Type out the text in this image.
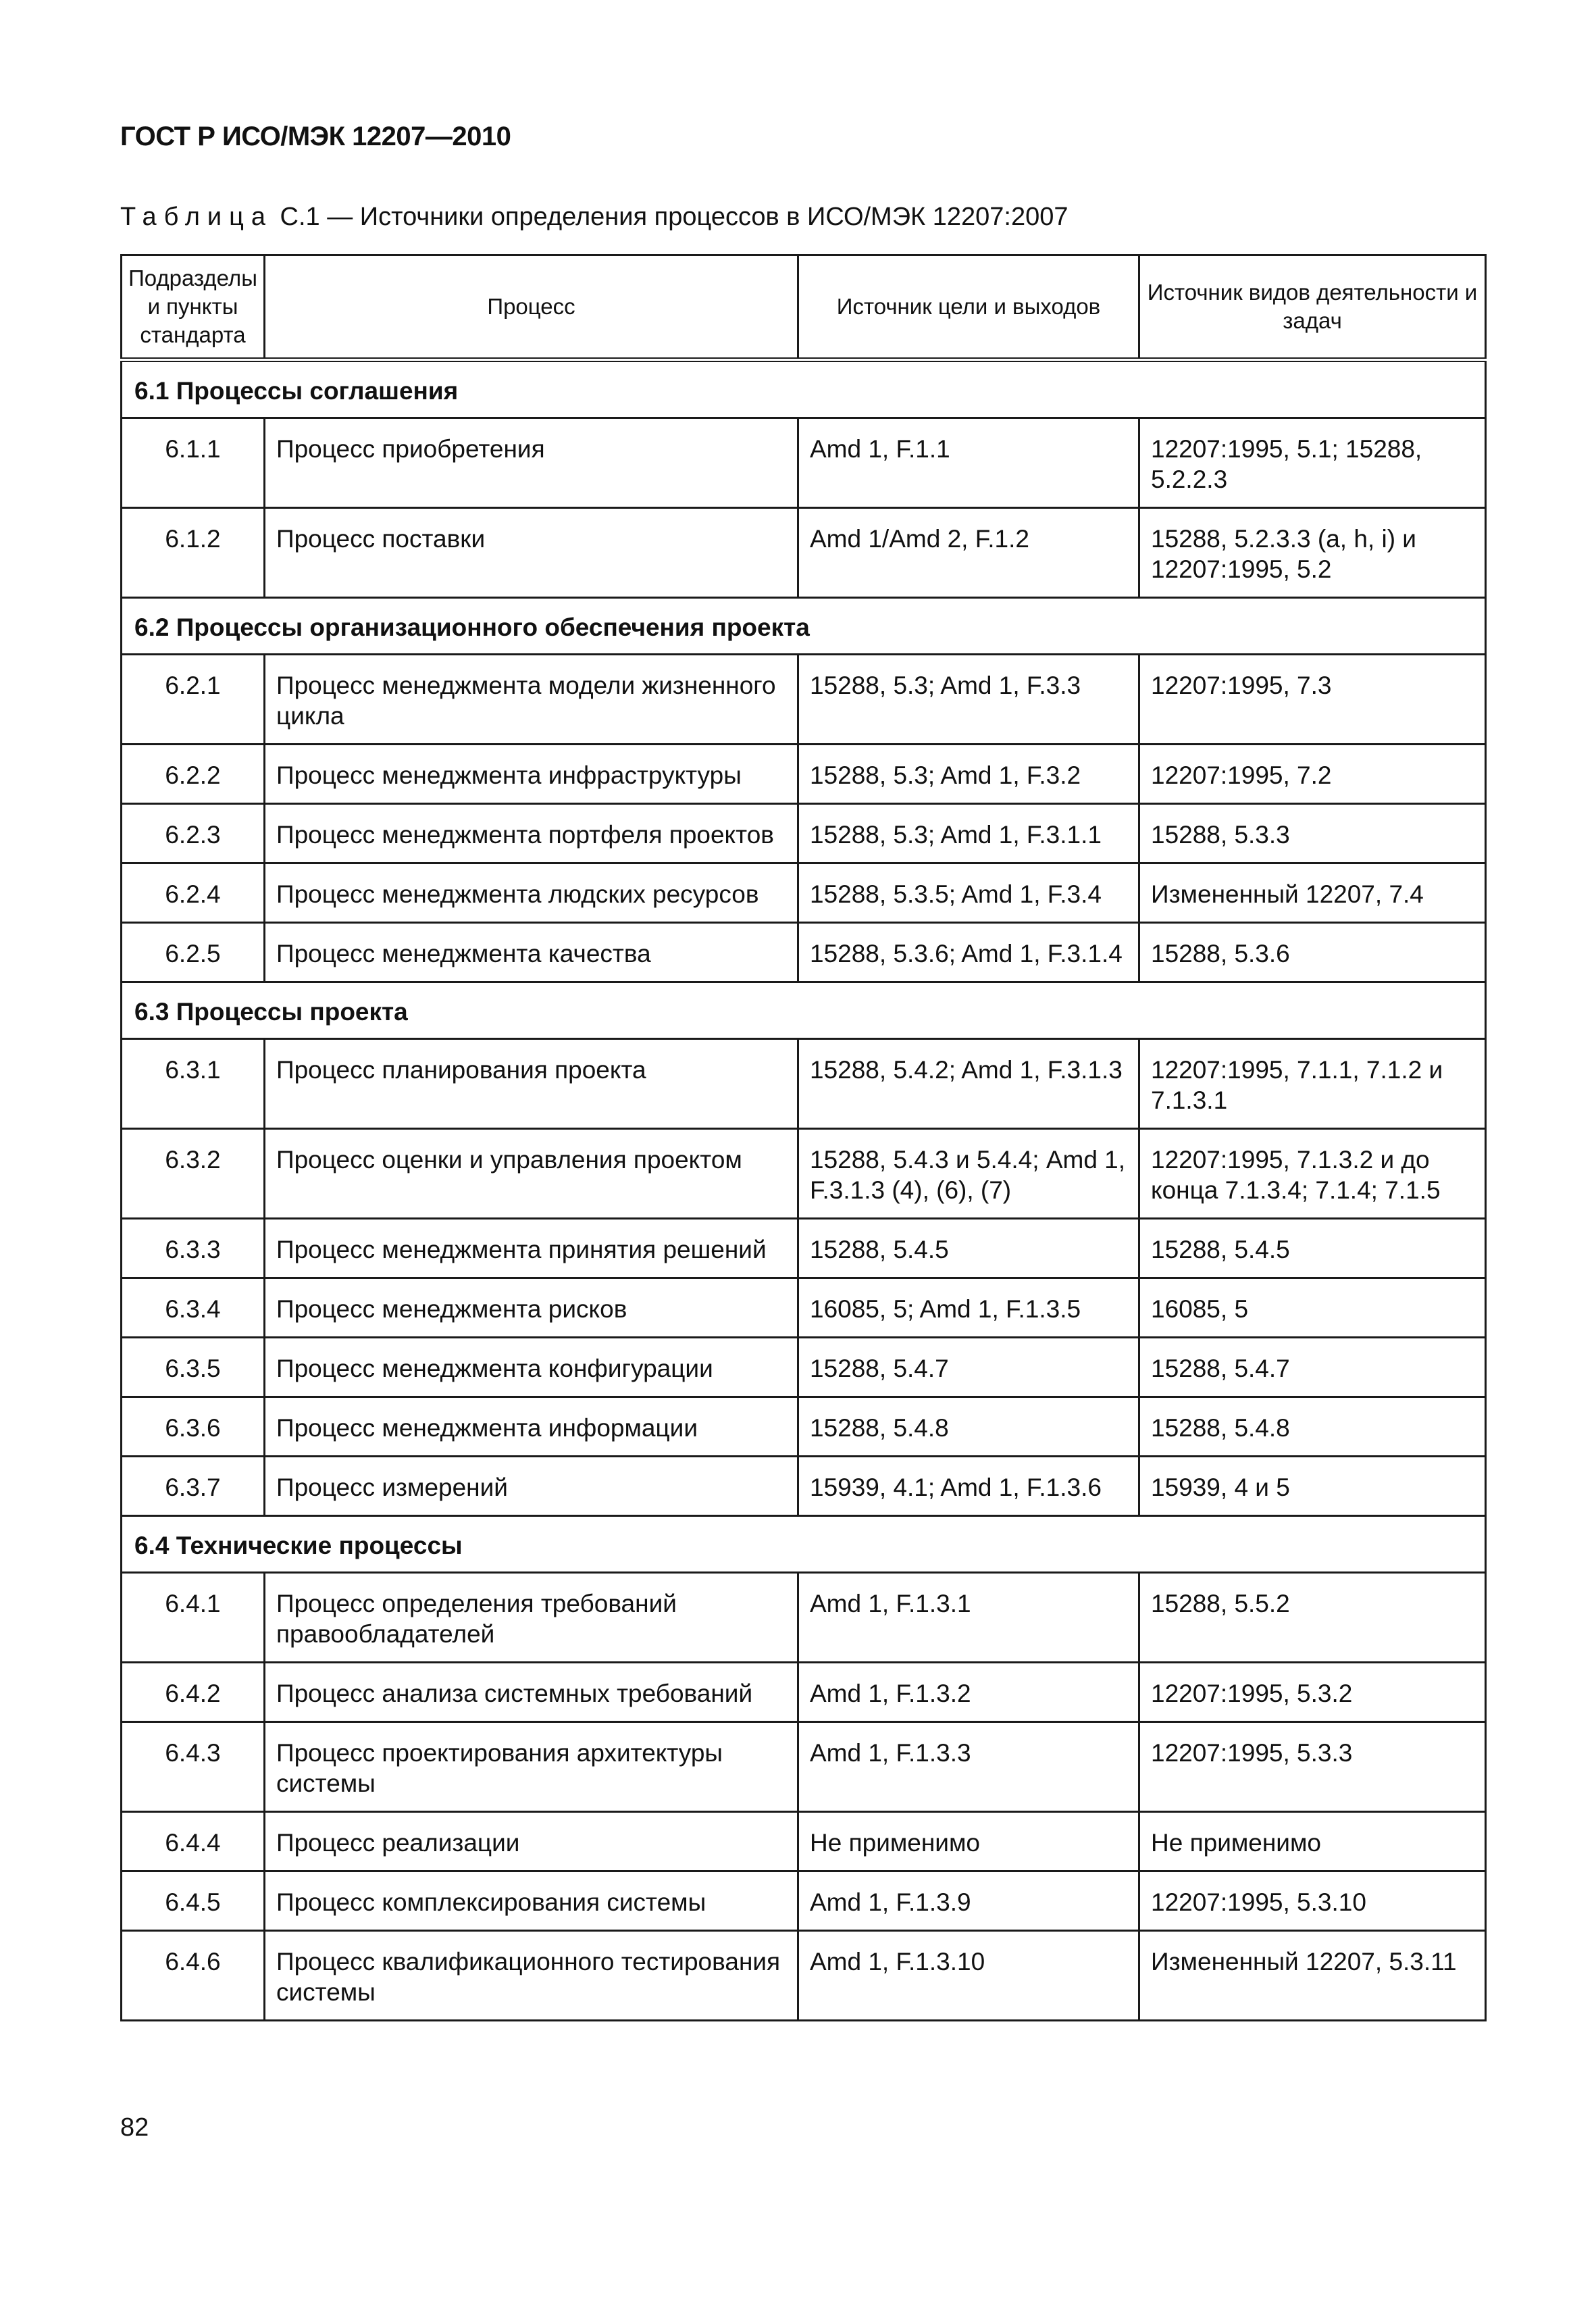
ГОСТ Р ИСО/МЭК 12207—2010
Таблица С.1 — Источники определения процессов в ИСО/МЭК 12207:2007
Подразделы и пункты стандарта	Процесс	Источник цели и выходов	Источник видов деятельности и задач
6.1 Процессы соглашения			
6.1.1	Процесс приобретения	Amd 1, F.1.1	12207:1995, 5.1; 15288, 5.2.2.3
6.1.2	Процесс поставки	Amd 1/Amd 2, F.1.2	15288, 5.2.3.3 (a, h, i) и 12207:1995, 5.2
6.2 Процессы организационного обеспечения проекта			
6.2.1	Процесс менеджмента модели жизненного цикла	15288, 5.3; Amd 1, F.3.3	12207:1995, 7.3
6.2.2	Процесс менеджмента инфраструктуры	15288, 5.3; Amd 1, F.3.2	12207:1995, 7.2
6.2.3	Процесс менеджмента портфеля проектов	15288, 5.3; Amd 1, F.3.1.1	15288, 5.3.3
6.2.4	Процесс менеджмента людских ресурсов	15288, 5.3.5; Amd 1, F.3.4	Измененный 12207, 7.4
6.2.5	Процесс менеджмента качества	15288, 5.3.6; Amd 1, F.3.1.4	15288, 5.3.6
6.3 Процессы проекта			
6.3.1	Процесс планирования проекта	15288, 5.4.2; Amd 1, F.3.1.3	12207:1995, 7.1.1, 7.1.2 и 7.1.3.1
6.3.2	Процесс оценки и управления проектом	15288, 5.4.3 и 5.4.4; Amd 1, F.3.1.3 (4), (6), (7)	12207:1995, 7.1.3.2 и до конца 7.1.3.4; 7.1.4; 7.1.5
6.3.3	Процесс менеджмента принятия решений	15288, 5.4.5	15288, 5.4.5
6.3.4	Процесс менеджмента рисков	16085, 5; Amd 1, F.1.3.5	16085, 5
6.3.5	Процесс менеджмента конфигурации	15288, 5.4.7	15288, 5.4.7
6.3.6	Процесс менеджмента информации	15288, 5.4.8	15288, 5.4.8
6.3.7	Процесс измерений	15939, 4.1; Amd 1, F.1.3.6	15939, 4 и 5
6.4 Технические процессы			
6.4.1	Процесс определения требований правообладателей	Amd 1, F.1.3.1	15288, 5.5.2
6.4.2	Процесс анализа системных требований	Amd 1, F.1.3.2	12207:1995, 5.3.2
6.4.3	Процесс проектирования архитектуры системы	Amd 1, F.1.3.3	12207:1995, 5.3.3
6.4.4	Процесс реализации	Не применимо	Не применимо
6.4.5	Процесс комплексирования системы	Amd 1, F.1.3.9	12207:1995, 5.3.10
6.4.6	Процесс квалификационного тестирования системы	Amd 1, F.1.3.10	Измененный 12207, 5.3.11
82
